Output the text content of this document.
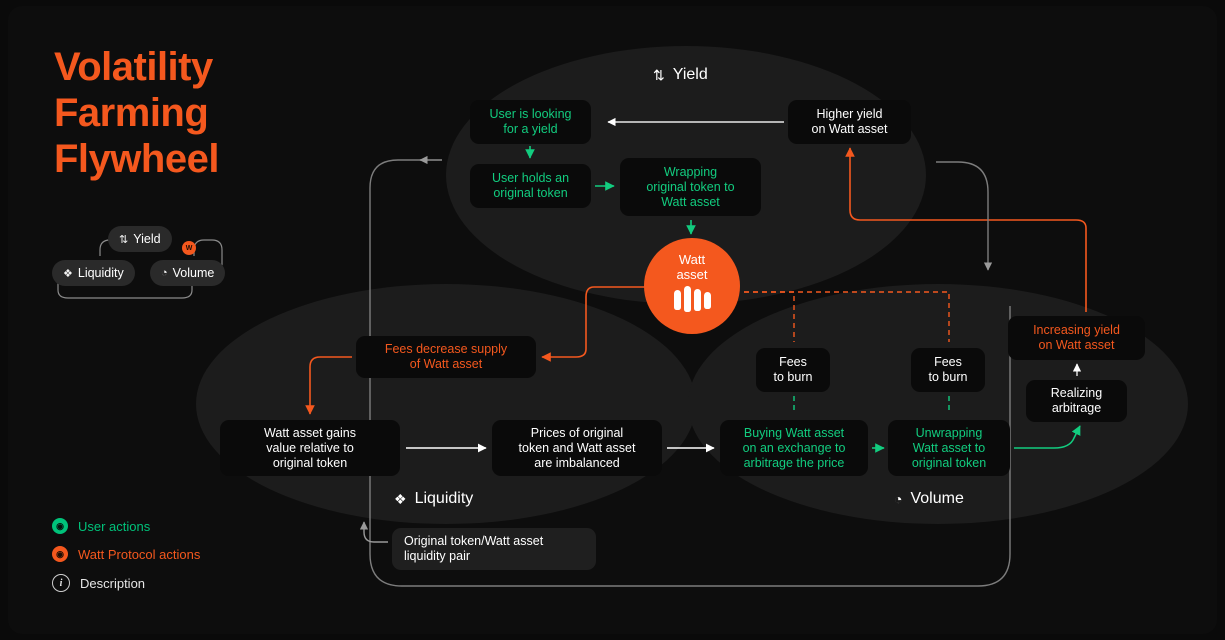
Volatility
Farming
Flywheel
⇅ Yield
❖ Liquidity	◔ Volume
W
◉	User actions
◉	Watt Protocol actions
i	Description
⇅ Yield
❖ Liquidity	◔ Volume
User is looking
for a yield
User holds an
original token
Wrapping
original token to
Watt asset
Higher yield
on Watt asset
Fees decrease supply
of Watt asset
Watt asset gains
value relative to
original token
Prices of original
token and Watt asset
are imbalanced
Fees
to burn
Fees
to burn
Buying Watt asset
on an exchange to
arbitrage the price
Unwrapping
Watt asset to
original token
Increasing yield
on Watt asset
Realizing
arbitrage
Original token/Watt asset
liquidity pair
Watt
asset
